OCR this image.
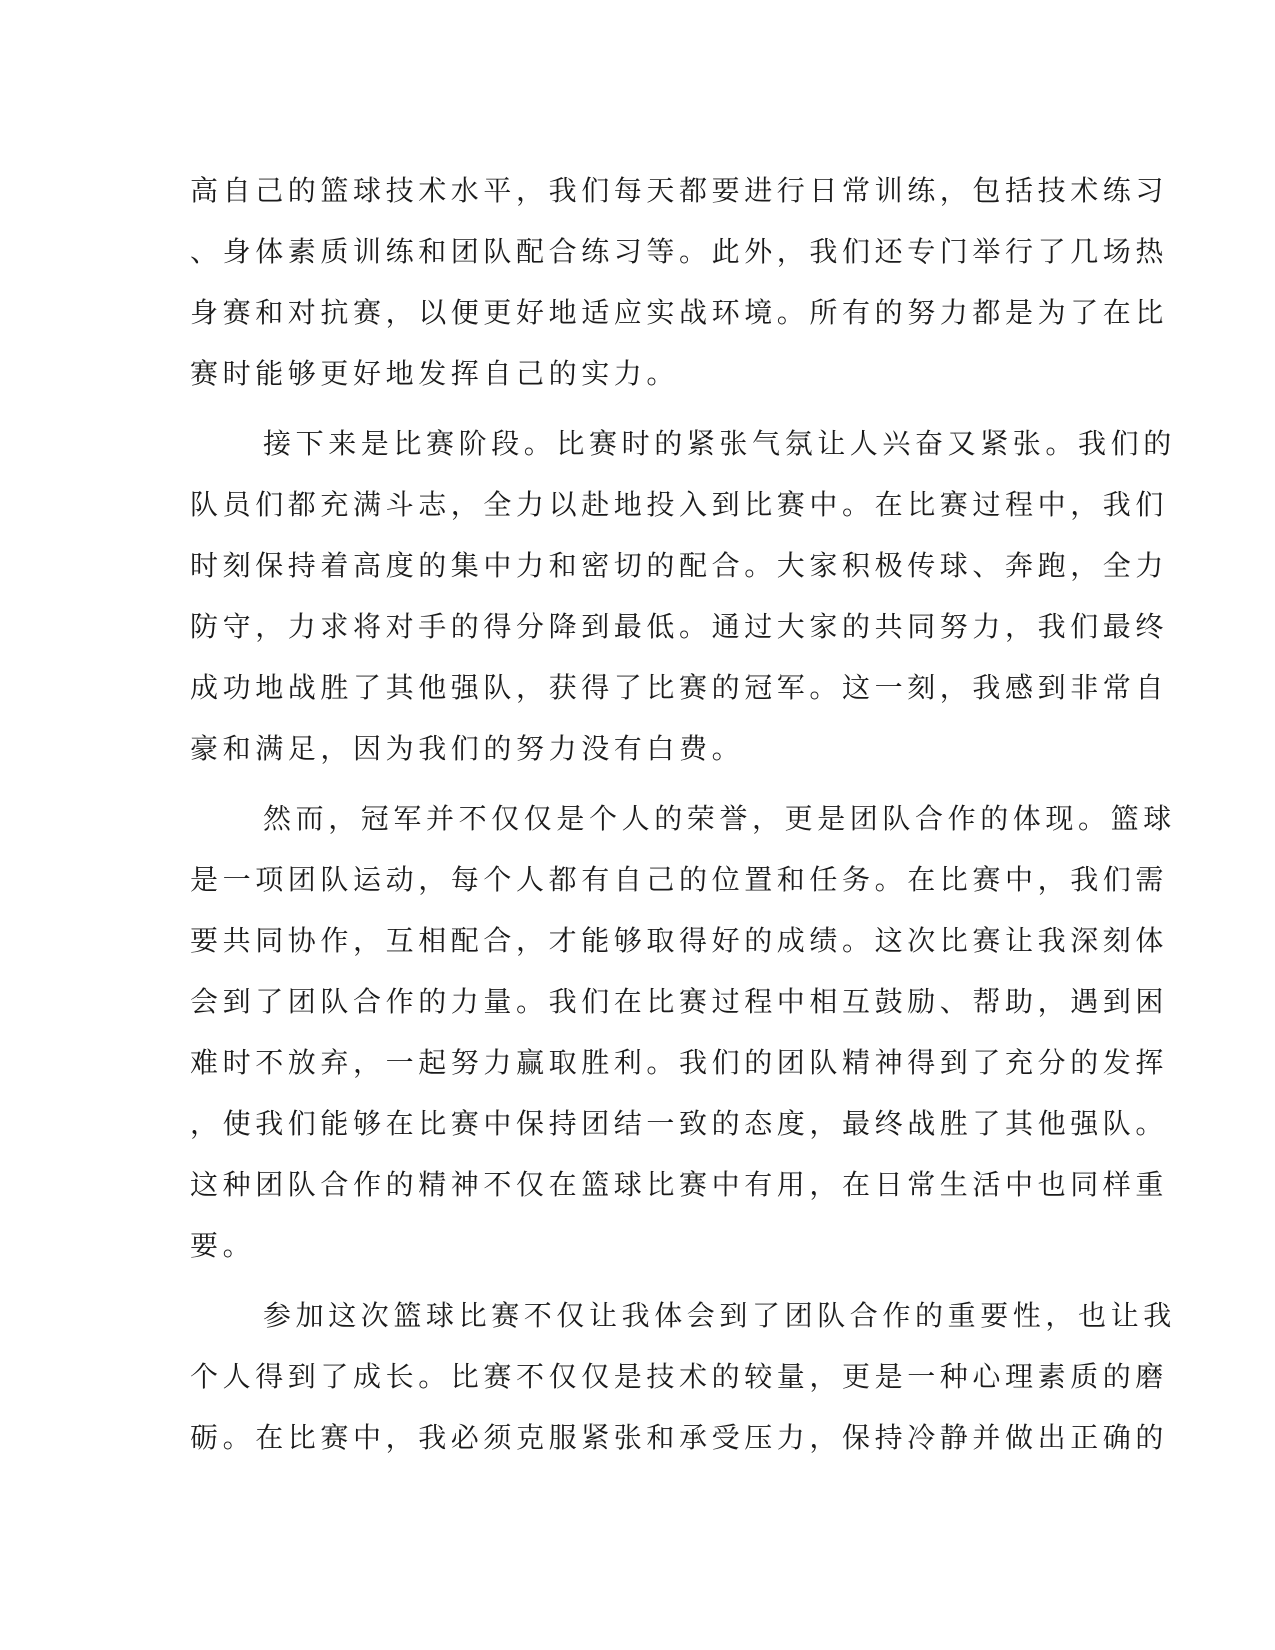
高自己的篮球技术水平，我们每天都要进行日常训练，包括技术练习
、身体素质训练和团队配合练习等。此外，我们还专门举行了几场热
身赛和对抗赛，以便更好地适应实战环境。所有的努力都是为了在比
赛时能够更好地发挥自己的实力。

接下来是比赛阶段。比赛时的紧张气氛让人兴奋又紧张。我们的
队员们都充满斗志，全力以赴地投入到比赛中。在比赛过程中，我们
时刻保持着高度的集中力和密切的配合。大家积极传球、奔跑，全力
防守，力求将对手的得分降到最低。通过大家的共同努力，我们最终
成功地战胜了其他强队，获得了比赛的冠军。这一刻，我感到非常自
豪和满足，因为我们的努力没有白费。

然而，冠军并不仅仅是个人的荣誉，更是团队合作的体现。篮球
是一项团队运动，每个人都有自己的位置和任务。在比赛中，我们需
要共同协作，互相配合，才能够取得好的成绩。这次比赛让我深刻体
会到了团队合作的力量。我们在比赛过程中相互鼓励、帮助，遇到困
难时不放弃，一起努力赢取胜利。我们的团队精神得到了充分的发挥
，使我们能够在比赛中保持团结一致的态度，最终战胜了其他强队。
这种团队合作的精神不仅在篮球比赛中有用，在日常生活中也同样重
要。

参加这次篮球比赛不仅让我体会到了团队合作的重要性，也让我
个人得到了成长。比赛不仅仅是技术的较量，更是一种心理素质的磨
砺。在比赛中，我必须克服紧张和承受压力，保持冷静并做出正确的
